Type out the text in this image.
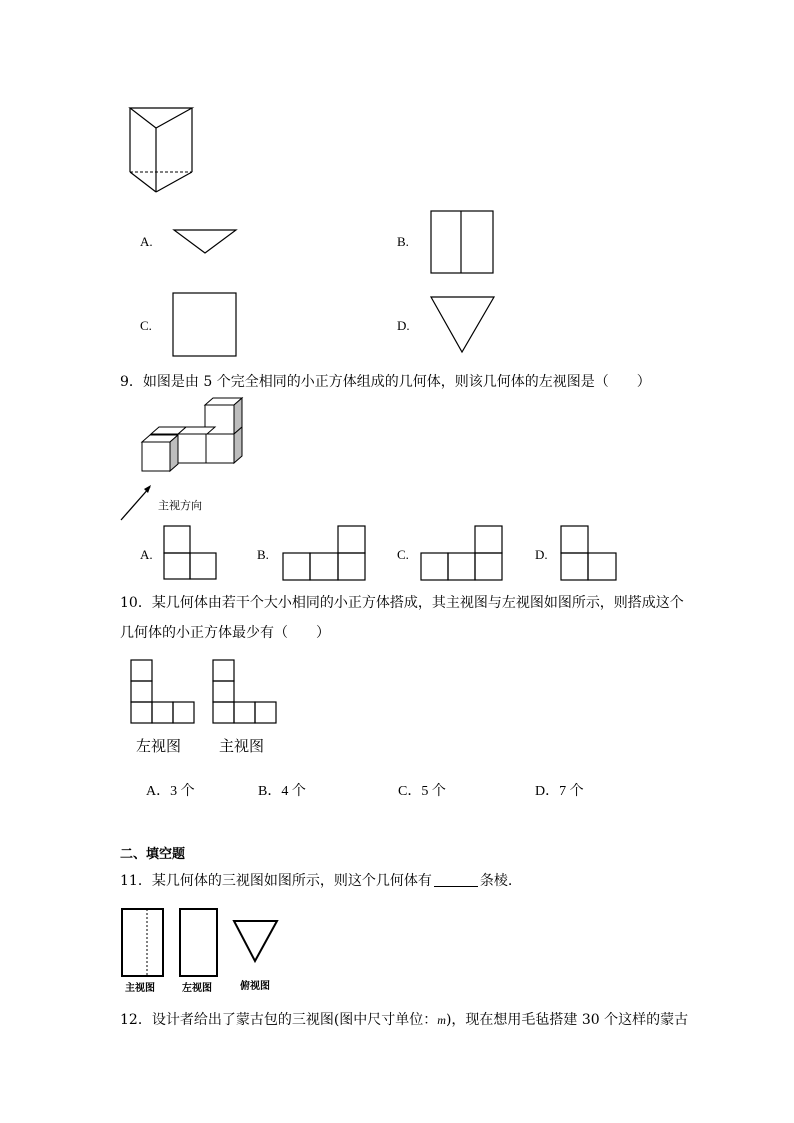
A.	B.
C.	D.
9．如图是由 5 个完全相同的小正方体组成的几何体，则该几何体的左视图是（　　）
主视方向
A.	B.	C.	D.
10．某几何体由若干个大小相同的小正方体搭成，其主视图与左视图如图所示，则搭成这个
几何体的小正方体最少有（　　）
左视图	主视图
A．3 个	B．4 个	C．5 个	D．7 个
二、填空题
11．某几何体的三视图如图所示，则这个几何体有	条棱.
主视图	左视图	俯视图
12．设计者给出了蒙古包的三视图(图中尺寸单位：m)，现在想用毛毡搭建 30 个这样的蒙古
